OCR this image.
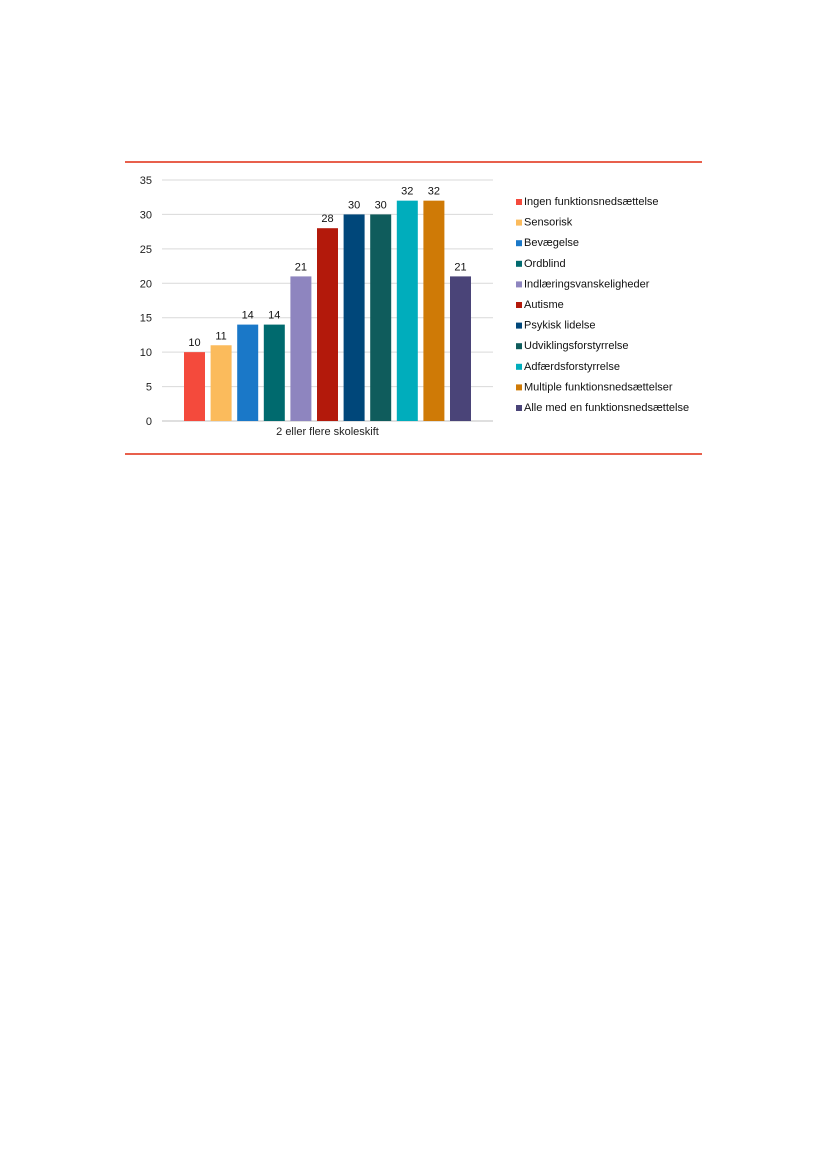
0
5
10
15
20
25
30
35
10
11
14 14
21
28
30 30
32 32
21
2 eller flere skoleskift
Ingen funktionsnedsættelse
Sensorisk
Bevægelse
Ordblind
Indlæringsvanskeligheder
Autisme
Psykisk lidelse
Udviklingsforstyrrelse
Adfærdsforstyrrelse
Multiple funktionsnedsættelser
Alle med en funktionsnedsættelse
